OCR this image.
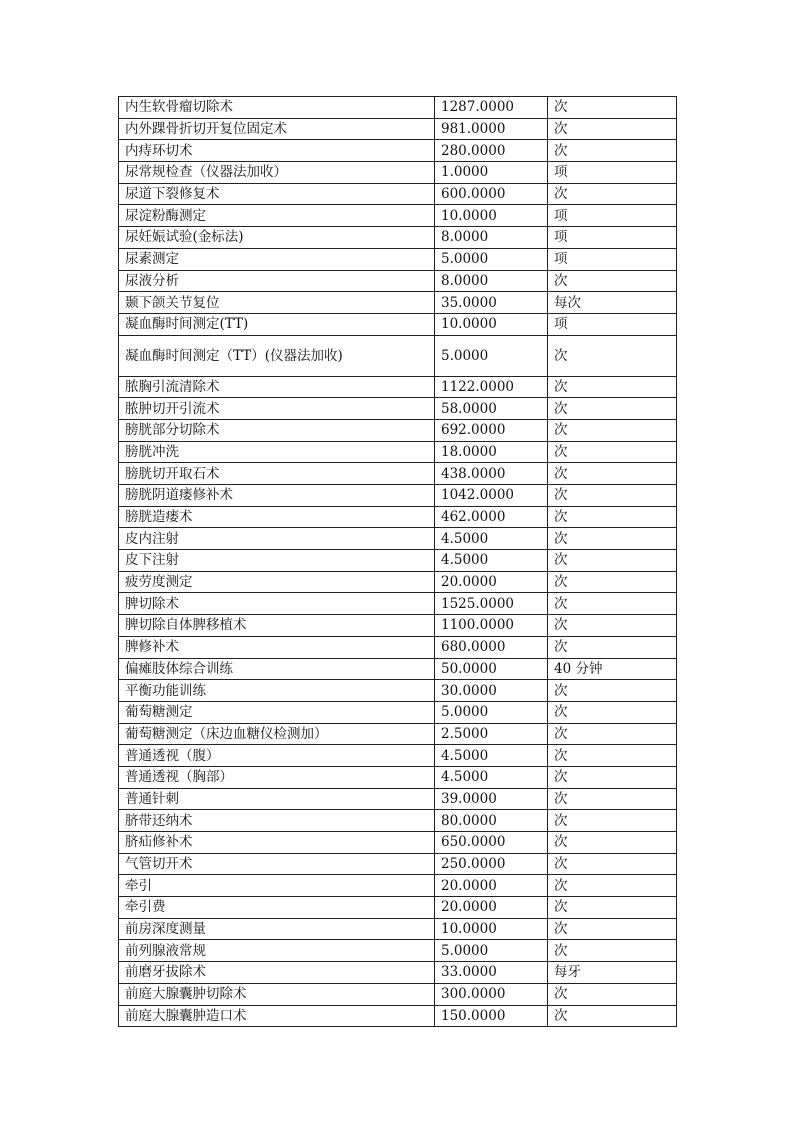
内生软骨瘤切除术	1287.0000	次
内外踝骨折切开复位固定术	981.0000	次
内痔环切术	280.0000	次
尿常规检查（仪器法加收）	1.0000	项
尿道下裂修复术	600.0000	次
尿淀粉酶测定	10.0000	项
尿妊娠试验(金标法)	8.0000	项
尿素测定	5.0000	项
尿液分析	8.0000	次
颞下颌关节复位	35.0000	每次
凝血酶时间测定(TT)	10.0000	项
凝血酶时间测定（TT）(仪器法加收)	5.0000	次
脓胸引流清除术	1122.0000	次
脓肿切开引流术	58.0000	次
膀胱部分切除术	692.0000	次
膀胱冲洗	18.0000	次
膀胱切开取石术	438.0000	次
膀胱阴道瘘修补术	1042.0000	次
膀胱造瘘术	462.0000	次
皮内注射	4.5000	次
皮下注射	4.5000	次
疲劳度测定	20.0000	次
脾切除术	1525.0000	次
脾切除自体脾移植术	1100.0000	次
脾修补术	680.0000	次
偏瘫肢体综合训练	50.0000	40 分钟
平衡功能训练	30.0000	次
葡萄糖测定	5.0000	次
葡萄糖测定（床边血糖仪检测加）	2.5000	次
普通透视（腹）	4.5000	次
普通透视（胸部）	4.5000	次
普通针刺	39.0000	次
脐带还纳术	80.0000	次
脐疝修补术	650.0000	次
气管切开术	250.0000	次
牵引	20.0000	次
牵引费	20.0000	次
前房深度测量	10.0000	次
前列腺液常规	5.0000	次
前磨牙拔除术	33.0000	每牙
前庭大腺囊肿切除术	300.0000	次
前庭大腺囊肿造口术	150.0000	次
